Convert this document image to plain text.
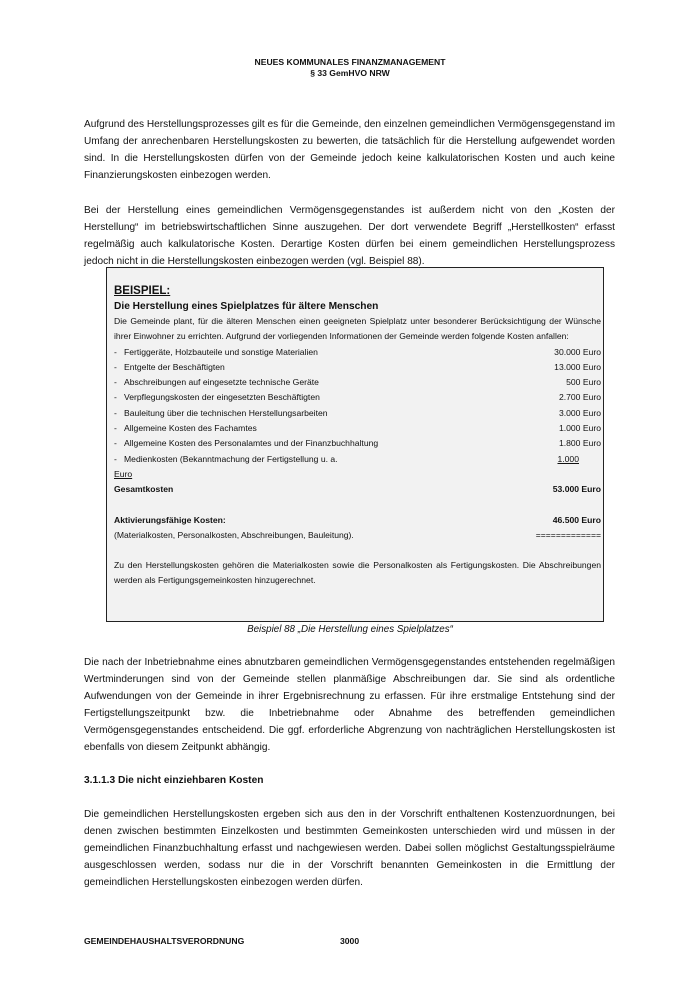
NEUES KOMMUNALES FINANZMANAGEMENT
§ 33 GemHVO NRW

Aufgrund des Herstellungsprozesses gilt es für die Gemeinde, den einzelnen gemeindlichen Vermögensgegenstand im Umfang der anrechenbaren Herstellungskosten zu bewerten, die tatsächlich für die Herstellung aufgewendet worden sind. In die Herstellungskosten dürfen von der Gemeinde jedoch keine kalkulatorischen Kosten und auch keine Finanzierungskosten einbezogen werden.

Bei der Herstellung eines gemeindlichen Vermögensgegenstandes ist außerdem nicht von den „Kosten der Herstellung“ im betriebswirtschaftlichen Sinne auszugehen. Der dort verwendete Begriff „Herstellkosten“ erfasst regelmäßig auch kalkulatorische Kosten. Derartige Kosten dürfen bei einem gemeindlichen Herstellungsprozess jedoch nicht in die Herstellungskosten einbezogen werden (vgl. Beispiel 88).

BEISPIEL:
Die Herstellung eines Spielplatzes für ältere Menschen
Die Gemeinde plant, für die älteren Menschen einen geeigneten Spielplatz unter besonderer Berücksichtigung der Wünsche ihrer Einwohner zu errichten. Aufgrund der vorliegenden Informationen der Gemeinde werden folgende Kosten anfallen:
- Fertiggeräte, Holzbauteile und sonstige Materialien	30.000 Euro
- Entgelte der Beschäftigten	13.000 Euro
- Abschreibungen auf eingesetzte technische Geräte	500 Euro
- Verpflegungskosten der eingesetzten Beschäftigten	2.700 Euro
- Bauleitung über die technischen Herstellungsarbeiten	3.000 Euro
- Allgemeine Kosten des Fachamtes	1.000 Euro
- Allgemeine Kosten des Personalamtes und der Finanzbuchhaltung	1.800 Euro
- Medienkosten (Bekanntmachung der Fertigstellung u. a.	1.000
Euro
Gesamtkosten	53.000 Euro
Aktivierungsfähige Kosten:	46.500 Euro
(Materialkosten, Personalkosten, Abschreibungen, Bauleitung).	=============
Zu den Herstellungskosten gehören die Materialkosten sowie die Personalkosten als Fertigungskosten. Die Abschreibungen werden als Fertigungsgemeinkosten hinzugerechnet.
Beispiel 88 „Die Herstellung eines Spielplatzes“

Die nach der Inbetriebnahme eines abnutzbaren gemeindlichen Vermögensgegenstandes entstehenden regelmäßigen Wertminderungen sind von der Gemeinde stellen planmäßige Abschreibungen dar. Sie sind als ordentliche Aufwendungen von der Gemeinde in ihrer Ergebnisrechnung zu erfassen. Für ihre erstmalige Entstehung sind der Fertigstellungszeitpunkt bzw. die Inbetriebnahme oder Abnahme des betreffenden gemeindlichen Vermögensgegenstandes entscheidend. Die ggf. erforderliche Abgrenzung von nachträglichen Herstellungskosten ist ebenfalls von diesem Zeitpunkt abhängig.

3.1.1.3 Die nicht einziehbaren Kosten

Die gemeindlichen Herstellungskosten ergeben sich aus den in der Vorschrift enthaltenen Kostenzuordnungen, bei denen zwischen bestimmten Einzelkosten und bestimmten Gemeinkosten unterschieden wird und müssen in der gemeindlichen Finanzbuchhaltung erfasst und nachgewiesen werden. Dabei sollen möglichst Gestaltungsspielräume ausgeschlossen werden, sodass nur die in der Vorschrift benannten Gemeinkosten in die Ermittlung der gemeindlichen Herstellungskosten einbezogen werden dürfen.

GEMEINDEHAUSHALTSVERORDNUNG	3000
